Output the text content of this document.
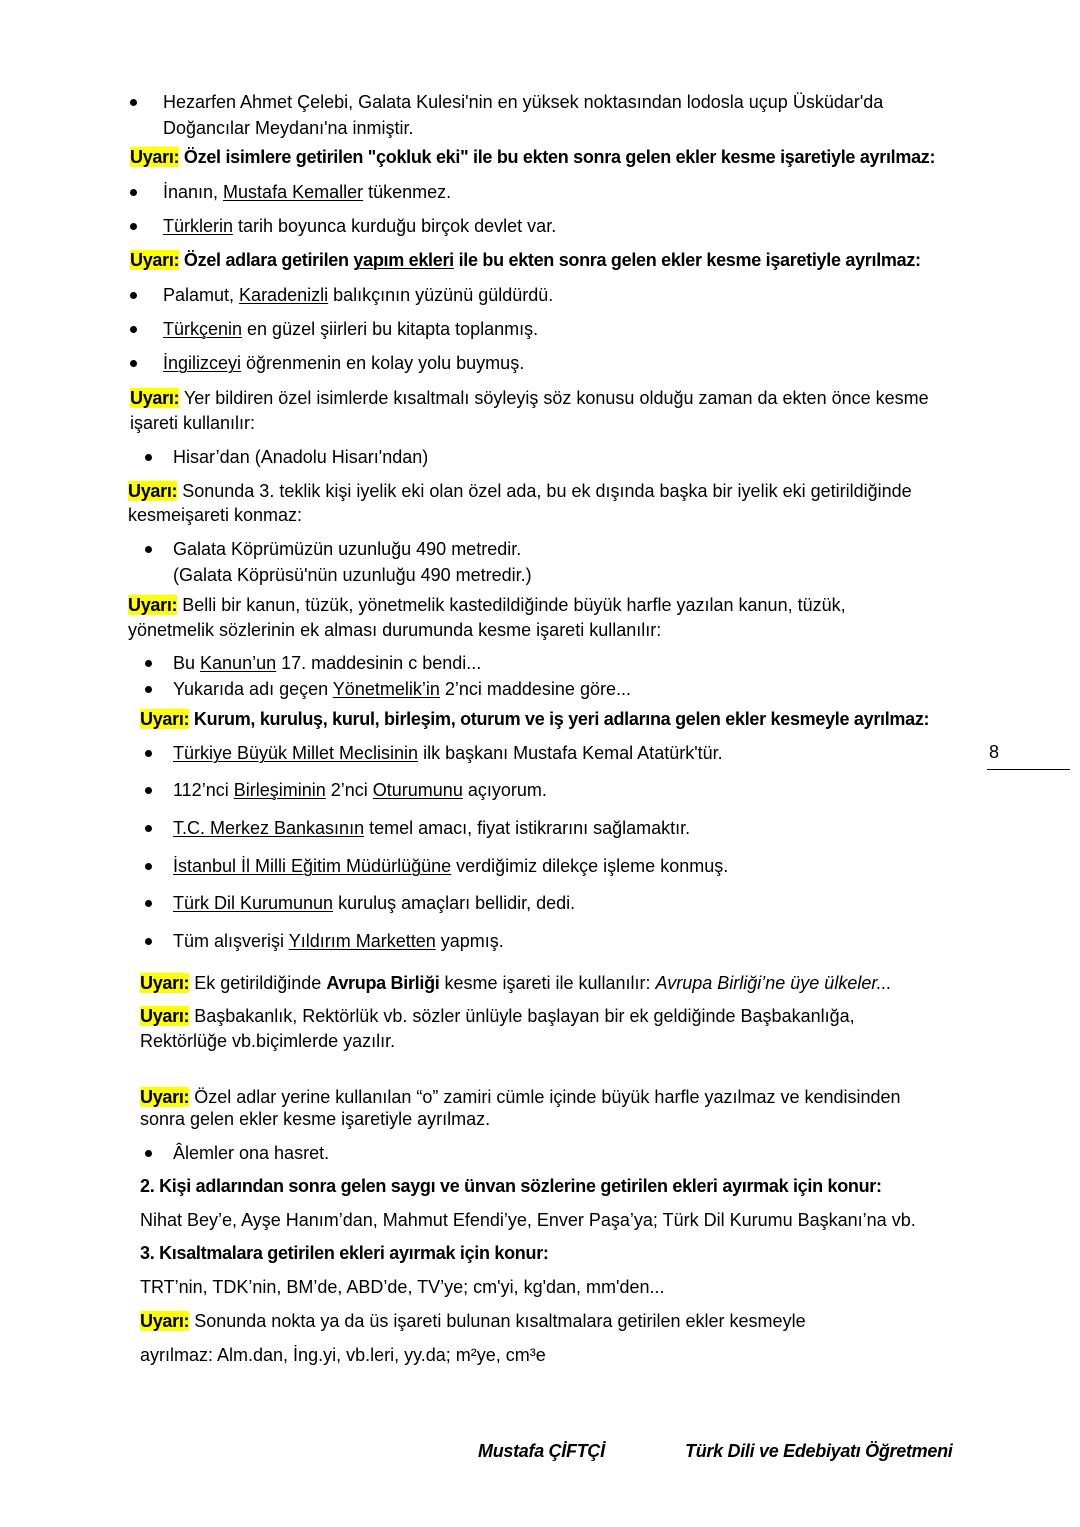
Hezarfen Ahmet Çelebi, Galata Kulesi'nin en yüksek noktasından lodosla uçup Üsküdar'da
Doğancılar Meydanı'na inmiştir.
Uyarı: Özel isimlere getirilen "çokluk eki" ile bu ekten sonra gelen ekler kesme işaretiyle ayrılmaz:
İnanın, Mustafa Kemaller tükenmez.
Türklerin tarih boyunca kurduğu birçok devlet var.
Uyarı: Özel adlara getirilen yapım ekleri ile bu ekten sonra gelen ekler kesme işaretiyle ayrılmaz:
Palamut, Karadenizli balıkçının yüzünü güldürdü.
Türkçenin en güzel şiirleri bu kitapta toplanmış.
İngilizceyi öğrenmenin en kolay yolu buymuş.
Uyarı: Yer bildiren özel isimlerde kısaltmalı söyleyiş söz konusu olduğu zaman da ekten önce kesme
işareti kullanılır:
Hisar’dan (Anadolu Hisarı'ndan)
Uyarı: Sonunda 3. teklik kişi iyelik eki olan özel ada, bu ek dışında başka bir iyelik eki getirildiğinde
kesmeişareti konmaz:
Galata Köprümüzün uzunluğu 490 metredir.
(Galata Köprüsü'nün uzunluğu 490 metredir.)
Uyarı: Belli bir kanun, tüzük, yönetmelik kastedildiğinde büyük harfle yazılan kanun, tüzük,
yönetmelik sözlerinin ek alması durumunda kesme işareti kullanılır:
Bu Kanun’un 17. maddesinin c bendi...
Yukarıda adı geçen Yönetmelik’in 2’nci maddesine göre...
Uyarı: Kurum, kuruluş, kurul, birleşim, oturum ve iş yeri adlarına gelen ekler kesmeyle ayrılmaz:
Türkiye Büyük Millet Meclisinin ilk başkanı Mustafa Kemal Atatürk'tür.
112’nci Birleşiminin 2’nci Oturumunu açıyorum.
T.C. Merkez Bankasının temel amacı, fiyat istikrarını sağlamaktır.
İstanbul İl Milli Eğitim Müdürlüğüne verdiğimiz dilekçe işleme konmuş.
Türk Dil Kurumunun kuruluş amaçları bellidir, dedi.
Tüm alışverişi Yıldırım Marketten yapmış.
Uyarı: Ek getirildiğinde Avrupa Birliği kesme işareti ile kullanılır: Avrupa Birliği’ne üye ülkeler...
Uyarı: Başbakanlık, Rektörlük vb. sözler ünlüyle başlayan bir ek geldiğinde Başbakanlığa,
Rektörlüğe vb.biçimlerde yazılır.
Uyarı: Özel adlar yerine kullanılan “o” zamiri cümle içinde büyük harfle yazılmaz ve kendisinden
sonra gelen ekler kesme işaretiyle ayrılmaz.
Âlemler ona hasret.
2. Kişi adlarından sonra gelen saygı ve ünvan sözlerine getirilen ekleri ayırmak için konur:
Nihat Bey’e, Ayşe Hanım’dan, Mahmut Efendi’ye, Enver Paşa’ya; Türk Dil Kurumu Başkanı’na vb.
3. Kısaltmalara getirilen ekleri ayırmak için konur:
TRT’nin, TDK’nin, BM’de, ABD’de, TV’ye; cm'yi, kg'dan, mm'den...
Uyarı: Sonunda nokta ya da üs işareti bulunan kısaltmalara getirilen ekler kesmeyle
ayrılmaz: Alm.dan, İng.yi, vb.leri, yy.da; m²ye, cm³e
8
Mustafa ÇİFTÇİ	Türk Dili ve Edebiyatı Öğretmeni
